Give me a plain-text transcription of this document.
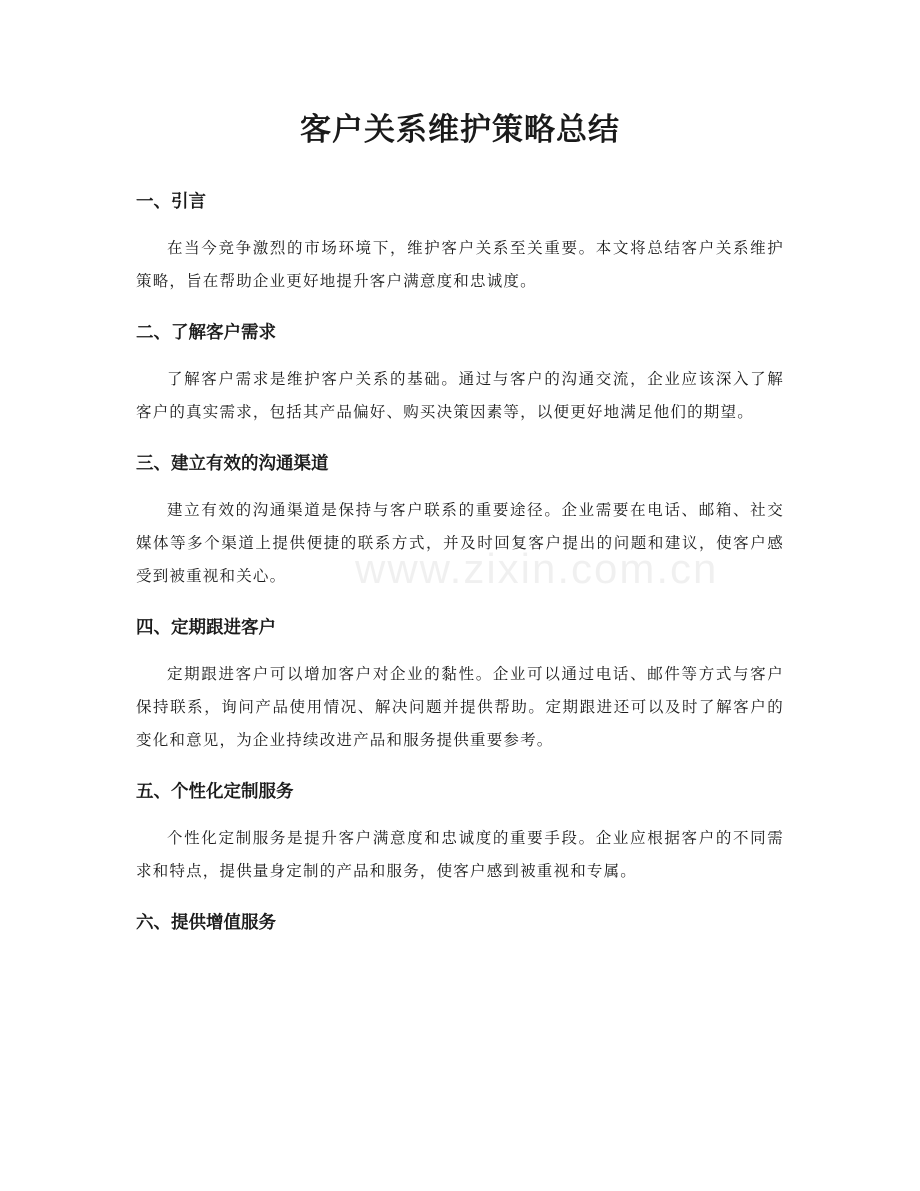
客户关系维护策略总结
一、引言

在当今竞争激烈的市场环境下，维护客户关系至关重要。本文将总结客户关系维护策略，旨在帮助企业更好地提升客户满意度和忠诚度。

二、了解客户需求

了解客户需求是维护客户关系的基础。通过与客户的沟通交流，企业应该深入了解客户的真实需求，包括其产品偏好、购买决策因素等，以便更好地满足他们的期望。

三、建立有效的沟通渠道

建立有效的沟通渠道是保持与客户联系的重要途径。企业需要在电话、邮箱、社交媒体等多个渠道上提供便捷的联系方式，并及时回复客户提出的问题和建议，使客户感受到被重视和关心。

四、定期跟进客户

定期跟进客户可以增加客户对企业的黏性。企业可以通过电话、邮件等方式与客户保持联系，询问产品使用情况、解决问题并提供帮助。定期跟进还可以及时了解客户的变化和意见，为企业持续改进产品和服务提供重要参考。

五、个性化定制服务

个性化定制服务是提升客户满意度和忠诚度的重要手段。企业应根据客户的不同需求和特点，提供量身定制的产品和服务，使客户感到被重视和专属。

六、提供增值服务
www.zixin.com.cn
